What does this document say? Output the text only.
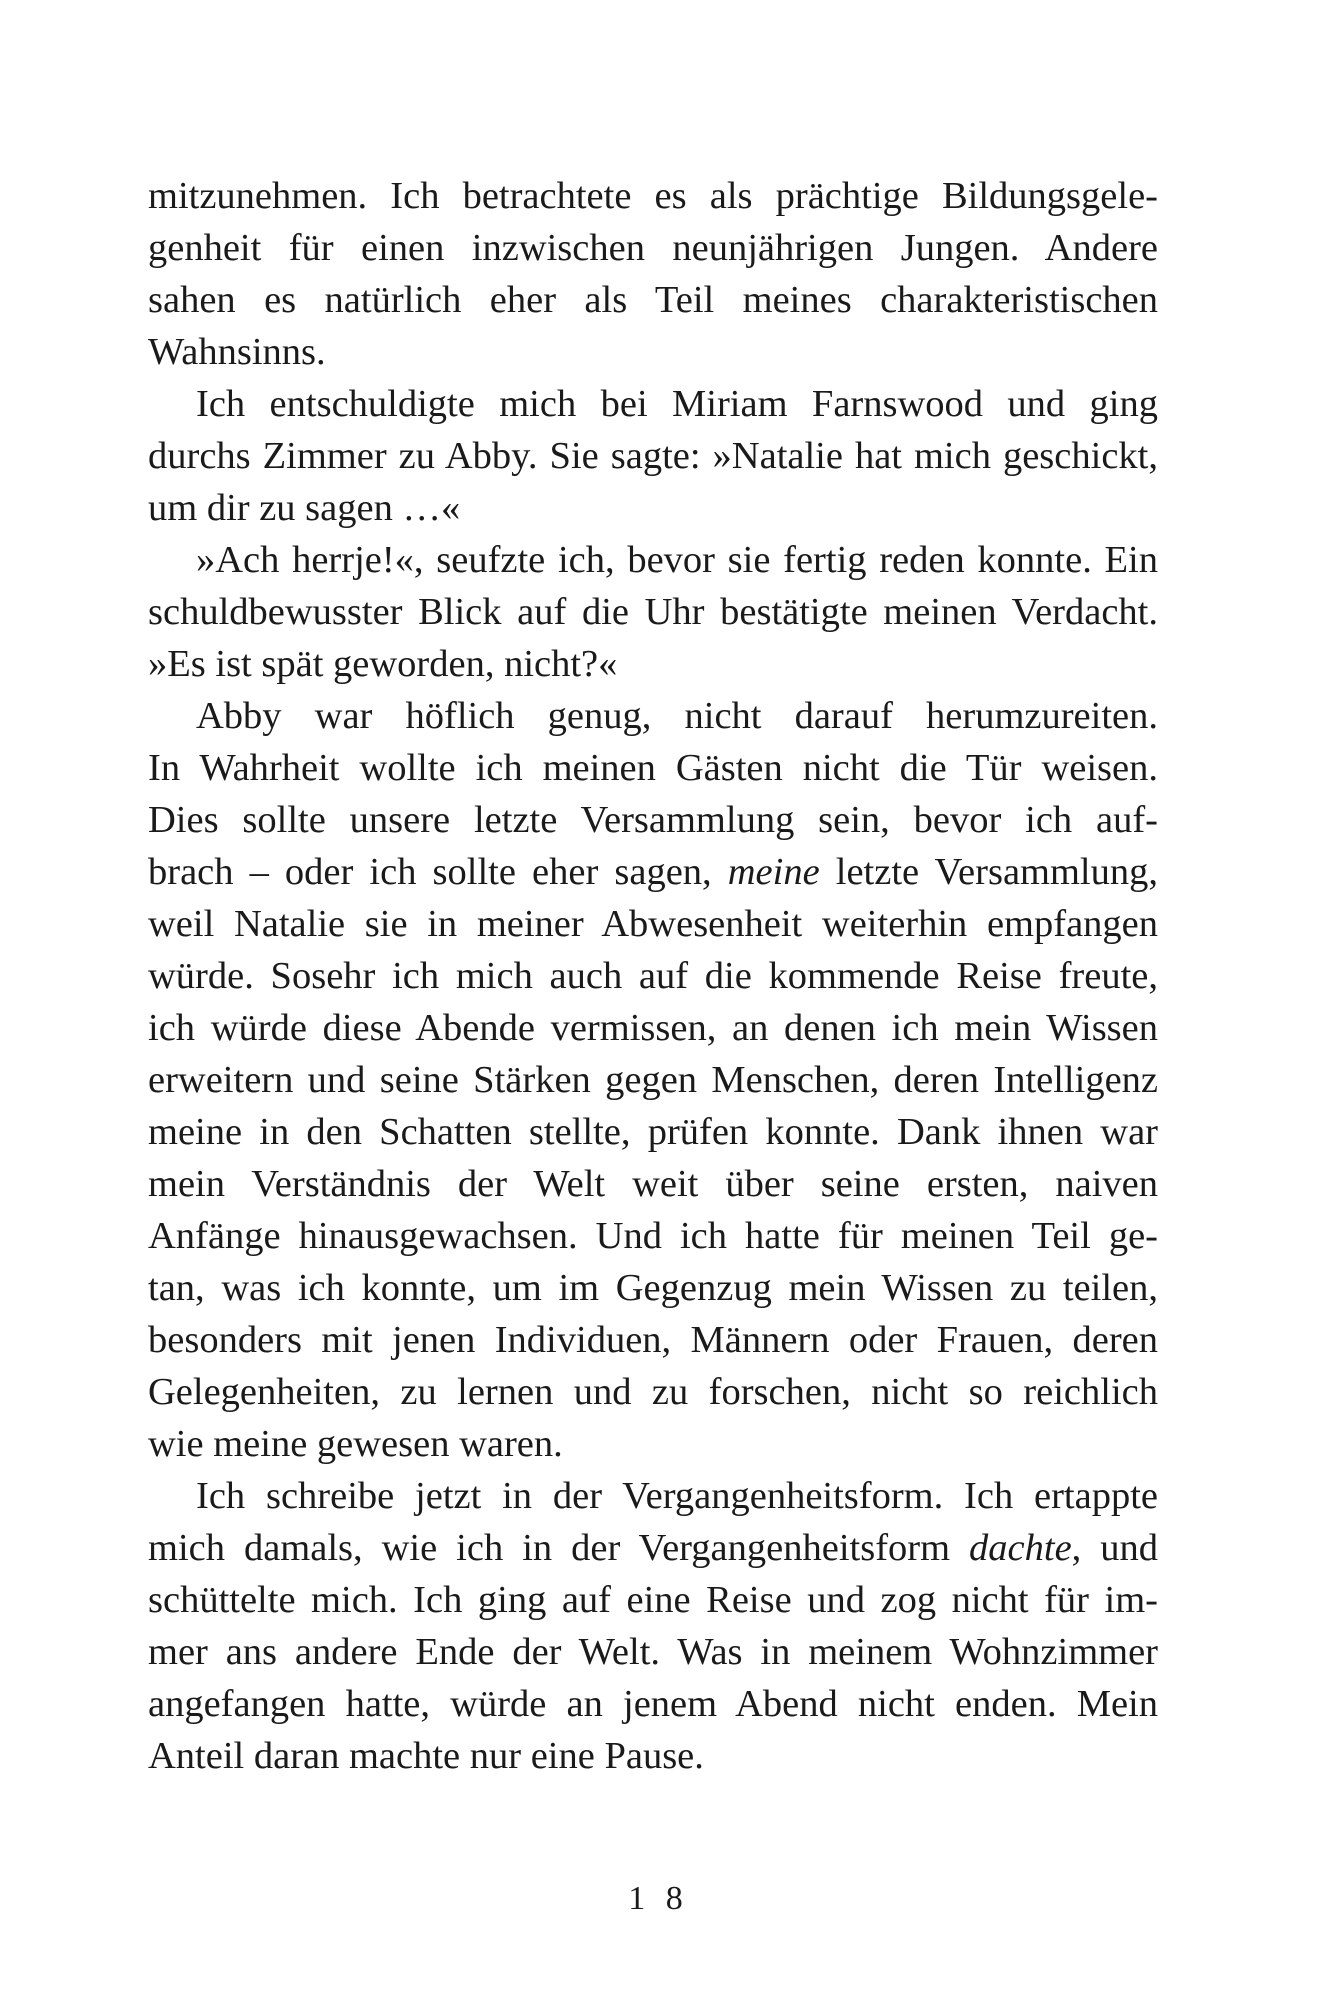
mitzunehmen. Ich betrachtete es als prächtige Bildungsgele-
genheit für einen inzwischen neunjährigen Jungen. Andere
sahen es natürlich eher als Teil meines charakteristischen
Wahnsinns.
Ich entschuldigte mich bei Miriam Farnswood und ging
durchs Zimmer zu Abby. Sie sagte: »Natalie hat mich geschickt,
um dir zu sagen …«
»Ach herrje!«, seufzte ich, bevor sie fertig reden konnte. Ein
schuldbewusster Blick auf die Uhr bestätigte meinen Verdacht.
»Es ist spät geworden, nicht?«
Abby war höflich genug, nicht darauf herumzureiten.
In Wahrheit wollte ich meinen Gästen nicht die Tür weisen.
Dies sollte unsere letzte Versammlung sein, bevor ich auf-
brach – oder ich sollte eher sagen, meine letzte Versammlung,
weil Natalie sie in meiner Abwesenheit weiterhin empfangen
würde. Sosehr ich mich auch auf die kommende Reise freute,
ich würde diese Abende vermissen, an denen ich mein Wissen
erweitern und seine Stärken gegen Menschen, deren Intelligenz
meine in den Schatten stellte, prüfen konnte. Dank ihnen war
mein Verständnis der Welt weit über seine ersten, naiven
Anfänge hinausgewachsen. Und ich hatte für meinen Teil ge-
tan, was ich konnte, um im Gegenzug mein Wissen zu teilen,
besonders mit jenen Individuen, Männern oder Frauen, deren
Gelegenheiten, zu lernen und zu forschen, nicht so reichlich
wie meine gewesen waren.
Ich schreibe jetzt in der Vergangenheitsform. Ich ertappte
mich damals, wie ich in der Vergangenheitsform dachte, und
schüttelte mich. Ich ging auf eine Reise und zog nicht für im-
mer ans andere Ende der Welt. Was in meinem Wohnzimmer
angefangen hatte, würde an jenem Abend nicht enden. Mein
Anteil daran machte nur eine Pause.
1 8
